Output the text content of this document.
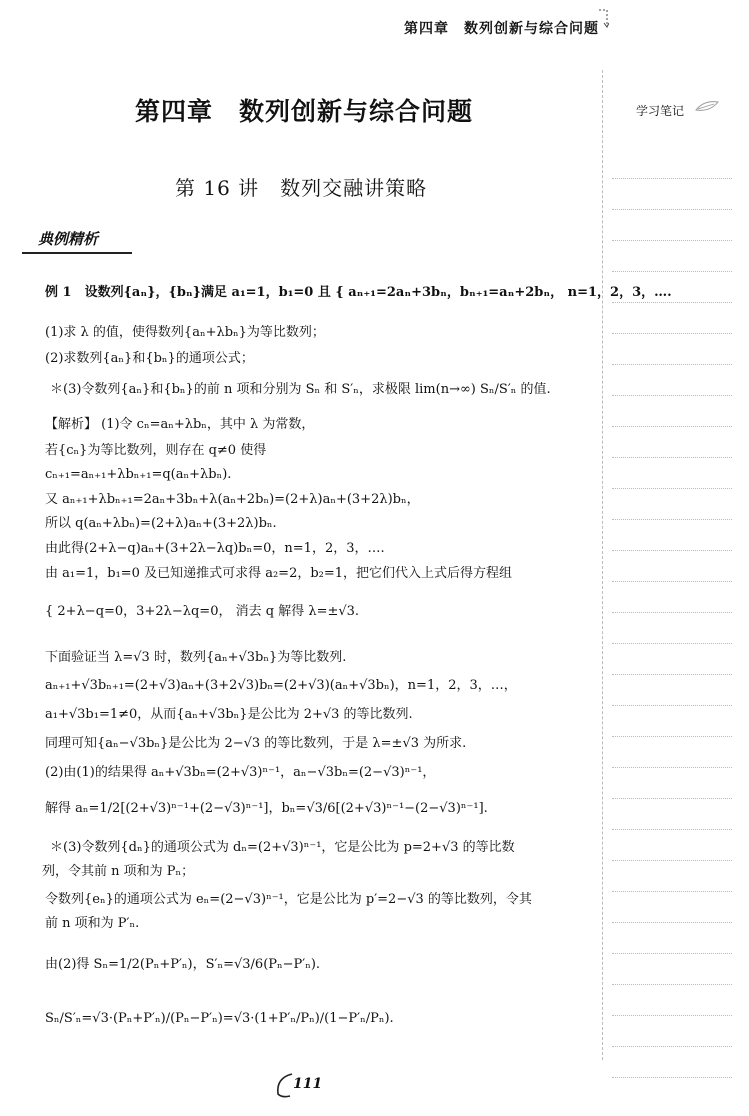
第四章　数列创新与综合问题
学习笔记
第四章　数列创新与综合问题
第 16 讲　数列交融讲策略
典例精析
例 1　设数列{aₙ}，{bₙ}满足 a₁=1，b₁=0 且 { aₙ₊₁=2aₙ+3bₙ，bₙ₊₁=aₙ+2bₙ， n=1，2，3，….
(1)求 λ 的值，使得数列{aₙ+λbₙ}为等比数列；
(2)求数列{aₙ}和{bₙ}的通项公式；
＊(3)令数列{aₙ}和{bₙ}的前 n 项和分别为 Sₙ 和 S′ₙ，求极限 lim(n→∞) Sₙ/S′ₙ 的值.
【解析】 (1)令 cₙ=aₙ+λbₙ，其中 λ 为常数，
若{cₙ}为等比数列，则存在 q≠0 使得
cₙ₊₁=aₙ₊₁+λbₙ₊₁=q(aₙ+λbₙ).
又 aₙ₊₁+λbₙ₊₁=2aₙ+3bₙ+λ(aₙ+2bₙ)=(2+λ)aₙ+(3+2λ)bₙ，
所以 q(aₙ+λbₙ)=(2+λ)aₙ+(3+2λ)bₙ.
由此得(2+λ−q)aₙ+(3+2λ−λq)bₙ=0，n=1，2，3，….
由 a₁=1，b₁=0 及已知递推式可求得 a₂=2，b₂=1，把它们代入上式后得方程组
{ 2+λ−q=0，3+2λ−λq=0， 消去 q 解得 λ=±√3.
下面验证当 λ=√3 时，数列{aₙ+√3bₙ}为等比数列.
aₙ₊₁+√3bₙ₊₁=(2+√3)aₙ+(3+2√3)bₙ=(2+√3)(aₙ+√3bₙ)，n=1，2，3，…，
a₁+√3b₁=1≠0，从而{aₙ+√3bₙ}是公比为 2+√3 的等比数列.
同理可知{aₙ−√3bₙ}是公比为 2−√3 的等比数列，于是 λ=±√3 为所求.
(2)由(1)的结果得 aₙ+√3bₙ=(2+√3)ⁿ⁻¹，aₙ−√3bₙ=(2−√3)ⁿ⁻¹，
解得 aₙ=1/2[(2+√3)ⁿ⁻¹+(2−√3)ⁿ⁻¹]，bₙ=√3/6[(2+√3)ⁿ⁻¹−(2−√3)ⁿ⁻¹].
＊(3)令数列{dₙ}的通项公式为 dₙ=(2+√3)ⁿ⁻¹，它是公比为 p=2+√3 的等比数
列，令其前 n 项和为 Pₙ；
令数列{eₙ}的通项公式为 eₙ=(2−√3)ⁿ⁻¹，它是公比为 p′=2−√3 的等比数列，令其
前 n 项和为 P′ₙ.
由(2)得 Sₙ=1/2(Pₙ+P′ₙ)，S′ₙ=√3/6(Pₙ−P′ₙ).
Sₙ/S′ₙ=√3·(Pₙ+P′ₙ)/(Pₙ−P′ₙ)=√3·(1+P′ₙ/Pₙ)/(1−P′ₙ/Pₙ).
111
